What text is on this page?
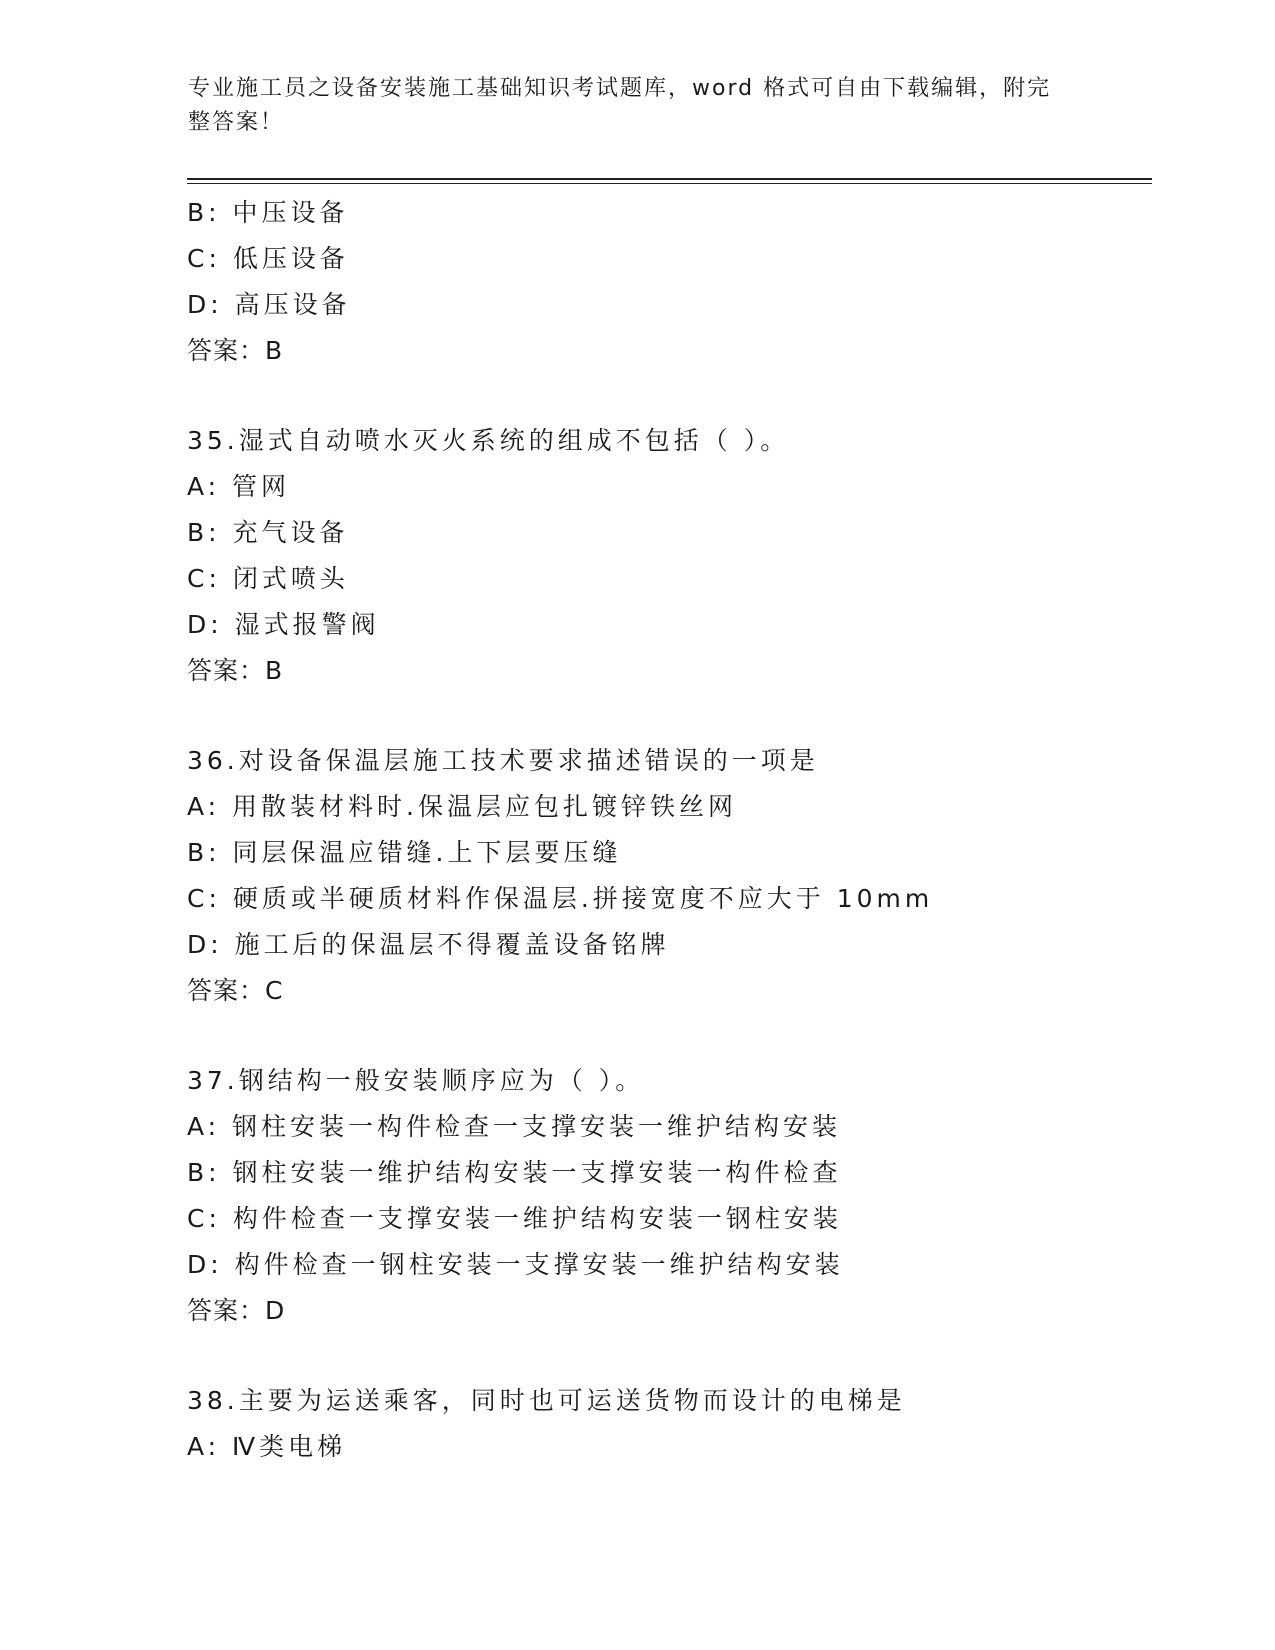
专业施工员之设备安装施工基础知识考试题库，word 格式可自由下载编辑，附完
整答案！
B: 中压设备
C: 低压设备
D: 高压设备
答案：B
35.湿式自动喷水灭火系统的组成不包括（ ）。
A: 管网
B: 充气设备
C: 闭式喷头
D: 湿式报警阀
答案：B
36.对设备保温层施工技术要求描述错误的一项是
A: 用散装材料时.保温层应包扎镀锌铁丝网
B: 同层保温应错缝.上下层要压缝
C: 硬质或半硬质材料作保温层.拼接宽度不应大于 10mm
D: 施工后的保温层不得覆盖设备铭牌
答案：C
37.钢结构一般安装顺序应为（ ）。
A: 钢柱安装一构件检查一支撑安装一维护结构安装
B: 钢柱安装一维护结构安装一支撑安装一构件检查
C: 构件检查一支撑安装一维护结构安装一钢柱安装
D: 构件检查一钢柱安装一支撑安装一维护结构安装
答案：D
38.主要为运送乘客，同时也可运送货物而设计的电梯是
A: Ⅳ类电梯
